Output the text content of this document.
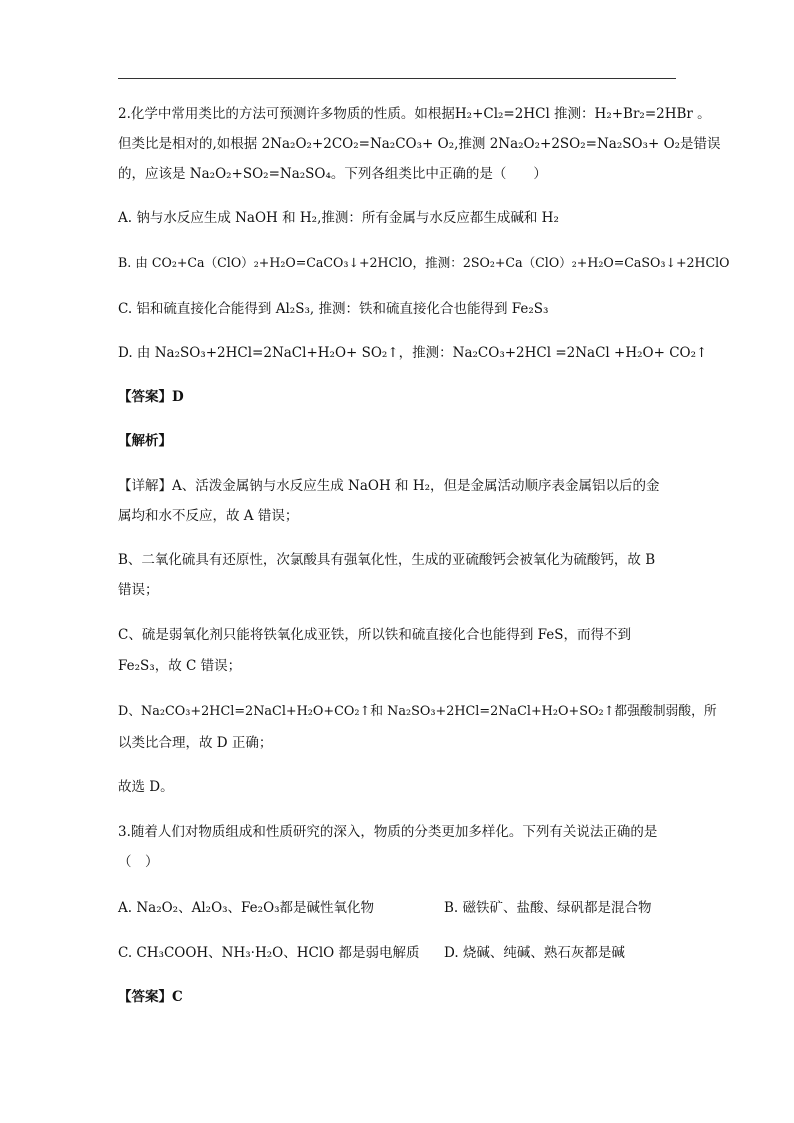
2.化学中常用类比的方法可预测许多物质的性质。如根据H₂+Cl₂=2HCl 推测：H₂+Br₂=2HBr 。
但类比是相对的,如根据 2Na₂O₂+2CO₂=Na₂CO₃+ O₂,推测 2Na₂O₂+2SO₂=Na₂SO₃+ O₂是错误
的，应该是 Na₂O₂+SO₂=Na₂SO₄。下列各组类比中正确的是（　　）
A. 钠与水反应生成 NaOH 和 H₂,推测：所有金属与水反应都生成碱和 H₂
B. 由 CO₂+Ca（ClO）₂+H₂O=CaCO₃↓+2HClO，推测：2SO₂+Ca（ClO）₂+H₂O=CaSO₃↓+2HClO
C. 铝和硫直接化合能得到 Al₂S₃, 推测：铁和硫直接化合也能得到 Fe₂S₃
D. 由 Na₂SO₃+2HCl=2NaCl+H₂O+ SO₂↑，推测：Na₂CO₃+2HCl =2NaCl +H₂O+ CO₂↑
【答案】D
【解析】
【详解】A、活泼金属钠与水反应生成 NaOH 和 H₂，但是金属活动顺序表金属铝以后的金
属均和水不反应，故 A 错误；
B、二氧化硫具有还原性，次氯酸具有强氧化性，生成的亚硫酸钙会被氧化为硫酸钙，故 B
错误；
C、硫是弱氧化剂只能将铁氧化成亚铁，所以铁和硫直接化合也能得到 FeS，而得不到
Fe₂S₃，故 C 错误；
D、Na₂CO₃+2HCl=2NaCl+H₂O+CO₂↑和 Na₂SO₃+2HCl=2NaCl+H₂O+SO₂↑都强酸制弱酸，所
以类比合理，故 D 正确；
故选 D。
3.随着人们对物质组成和性质研究的深入，物质的分类更加多样化。下列有关说法正确的是
（　）
A. Na₂O₂、Al₂O₃、Fe₂O₃都是碱性氧化物	B. 磁铁矿、盐酸、绿矾都是混合物
C. CH₃COOH、NH₃·H₂O、HClO 都是弱电解质 D. 烧碱、纯碱、熟石灰都是碱
【答案】C
